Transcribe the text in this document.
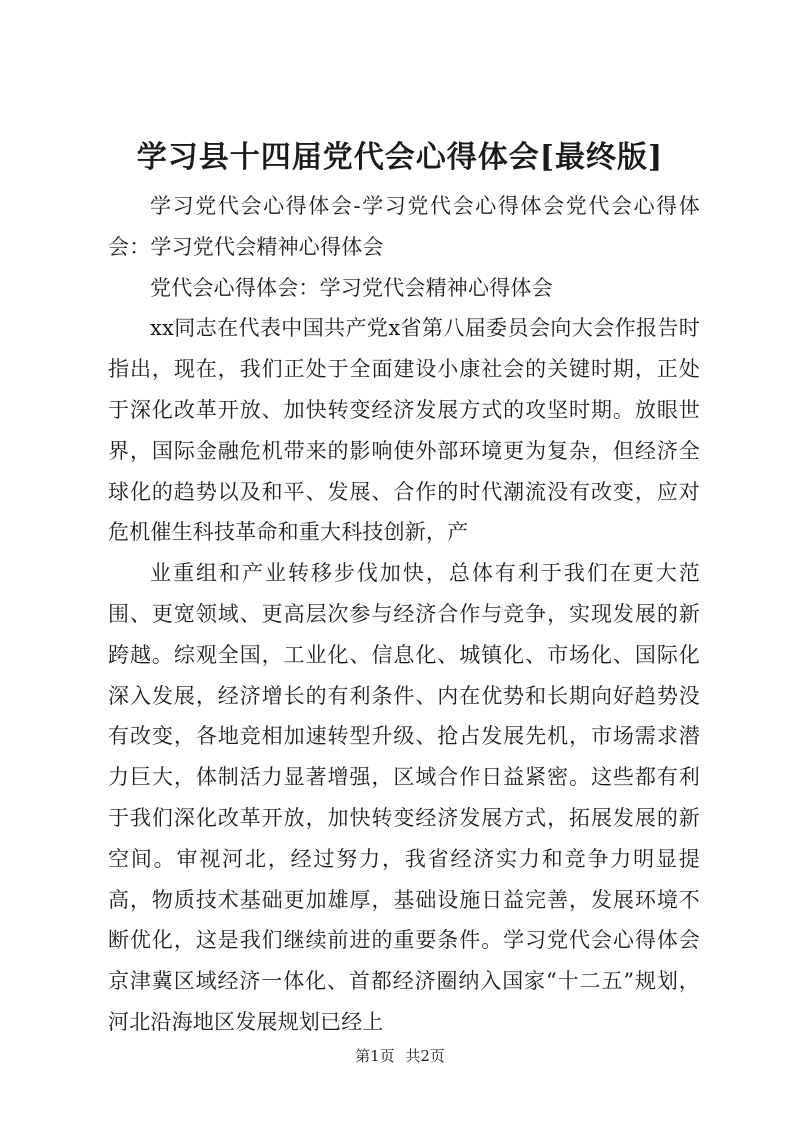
学习县十四届党代会心得体会[最终版]

学习党代会心得体会-学习党代会心得体会党代会心得体会：学习党代会精神心得体会

党代会心得体会：学习党代会精神心得体会

xx同志在代表中国共产党x省第八届委员会向大会作报告时指出，现在，我们正处于全面建设小康社会的关键时期，正处于深化改革开放、加快转变经济发展方式的攻坚时期。放眼世界，国际金融危机带来的影响使外部环境更为复杂，但经济全球化的趋势以及和平、发展、合作的时代潮流没有改变，应对危机催生科技革命和重大科技创新，产

业重组和产业转移步伐加快，总体有利于我们在更大范围、更宽领域、更高层次参与经济合作与竞争，实现发展的新跨越。综观全国，工业化、信息化、城镇化、市场化、国际化深入发展，经济增长的有利条件、内在优势和长期向好趋势没有改变，各地竞相加速转型升级、抢占发展先机，市场需求潜力巨大，体制活力显著增强，区域合作日益紧密。这些都有利于我们深化改革开放，加快转变经济发展方式，拓展发展的新空间。审视河北，经过努力，我省经济实力和竞争力明显提高，物质技术基础更加雄厚，基础设施日益完善，发展环境不断优化，这是我们继续前进的重要条件。学习党代会心得体会京津冀区域经济一体化、首都经济圈纳入国家“十二五”规划，河北沿海地区发展规划已经上

第1页 共2页
